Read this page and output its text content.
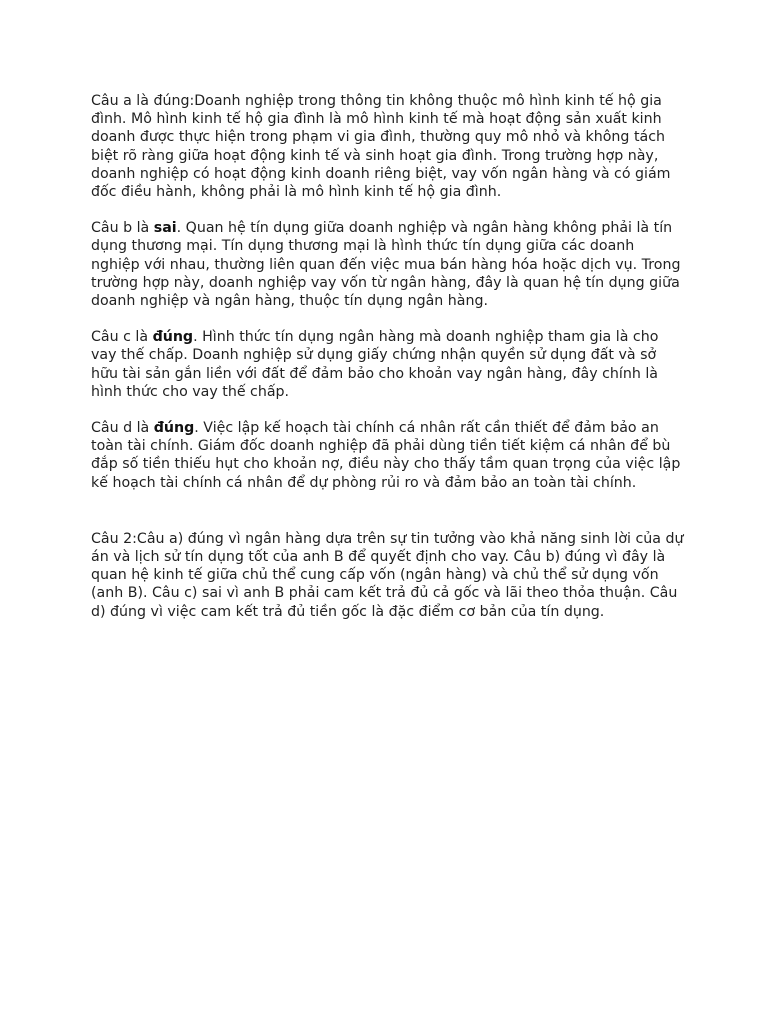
Câu a là đúng:Doanh nghiệp trong thông tin không thuộc mô hình kinh tế hộ gia đình. Mô hình kinh tế hộ gia đình là mô hình kinh tế mà hoạt động sản xuất kinh doanh được thực hiện trong phạm vi gia đình, thường quy mô nhỏ và không tách biệt rõ ràng giữa hoạt động kinh tế và sinh hoạt gia đình. Trong trường hợp này, doanh nghiệp có hoạt động kinh doanh riêng biệt, vay vốn ngân hàng và có giám đốc điều hành, không phải là mô hình kinh tế hộ gia đình.

Câu b là sai. Quan hệ tín dụng giữa doanh nghiệp và ngân hàng không phải là tín dụng thương mại. Tín dụng thương mại là hình thức tín dụng giữa các doanh nghiệp với nhau, thường liên quan đến việc mua bán hàng hóa hoặc dịch vụ. Trong trường hợp này, doanh nghiệp vay vốn từ ngân hàng, đây là quan hệ tín dụng giữa doanh nghiệp và ngân hàng, thuộc tín dụng ngân hàng.

Câu c là đúng. Hình thức tín dụng ngân hàng mà doanh nghiệp tham gia là cho vay thế chấp. Doanh nghiệp sử dụng giấy chứng nhận quyền sử dụng đất và sở hữu tài sản gắn liền với đất để đảm bảo cho khoản vay ngân hàng, đây chính là hình thức cho vay thế chấp.

Câu d là đúng. Việc lập kế hoạch tài chính cá nhân rất cần thiết để đảm bảo an toàn tài chính. Giám đốc doanh nghiệp đã phải dùng tiền tiết kiệm cá nhân để bù đắp số tiền thiếu hụt cho khoản nợ, điều này cho thấy tầm quan trọng của việc lập kế hoạch tài chính cá nhân để dự phòng rủi ro và đảm bảo an toàn tài chính.

Câu 2:Câu a) đúng vì ngân hàng dựa trên sự tin tưởng vào khả năng sinh lời của dự án và lịch sử tín dụng tốt của anh B để quyết định cho vay. Câu b) đúng vì đây là quan hệ kinh tế giữa chủ thể cung cấp vốn (ngân hàng) và chủ thể sử dụng vốn (anh B). Câu c) sai vì anh B phải cam kết trả đủ cả gốc và lãi theo thỏa thuận. Câu d) đúng vì việc cam kết trả đủ tiền gốc là đặc điểm cơ bản của tín dụng.
